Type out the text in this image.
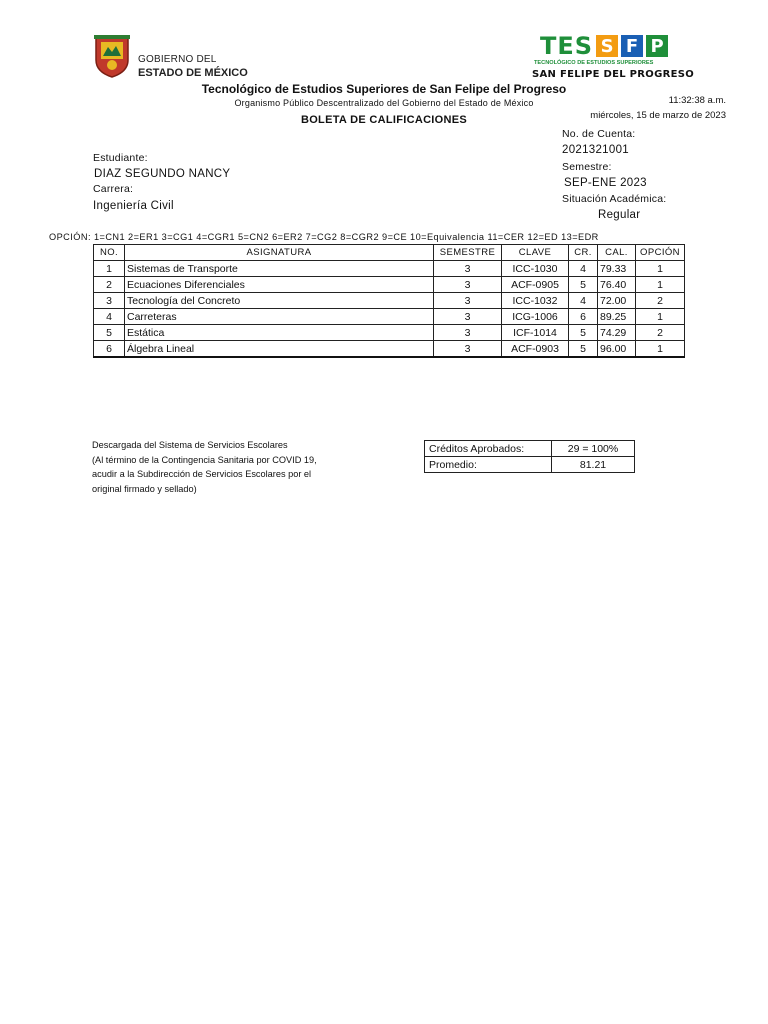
GOBIERNO DEL
ESTADO DE MÉXICO
TES S F P
TECNOLÓGICO DE ESTUDIOS SUPERIORES
SAN FELIPE DEL PROGRESO
Tecnológico de Estudios Superiores de San Felipe del Progreso
Organismo Público Descentralizado del Gobierno del Estado de México
BOLETA DE CALIFICACIONES
11:32:38 a.m.
miércoles, 15 de marzo de 2023
Estudiante:
DIAZ SEGUNDO NANCY
Carrera:
Ingeniería Civil
No. de Cuenta:
2021321001
Semestre:
SEP-ENE 2023
Situación Académica:
Regular
OPCIÓN: 1=CN1 2=ER1 3=CG1 4=CGR1 5=CN2 6=ER2 7=CG2 8=CGR2 9=CE 10=Equivalencia 11=CER 12=ED 13=EDR
NO.	ASIGNATURA	SEMESTRE	CLAVE	CR.	CAL.	OPCIÓN
1	Sistemas de Transporte	3	ICC-1030	4	79.33	1
2	Ecuaciones Diferenciales	3	ACF-0905	5	76.40	1
3	Tecnología del Concreto	3	ICC-1032	4	72.00	2
4	Carreteras	3	ICG-1006	6	89.25	1
5	Estática	3	ICF-1014	5	74.29	2
6	Álgebra Lineal	3	ACF-0903	5	96.00	1
Descargada del Sistema de Servicios Escolares
(Al término de la Contingencia Sanitaria por COVID 19,
acudir a la Subdirección de Servicios Escolares por el
original firmado y sellado)
Créditos Aprobados:	29 = 100%
Promedio:	81.21
